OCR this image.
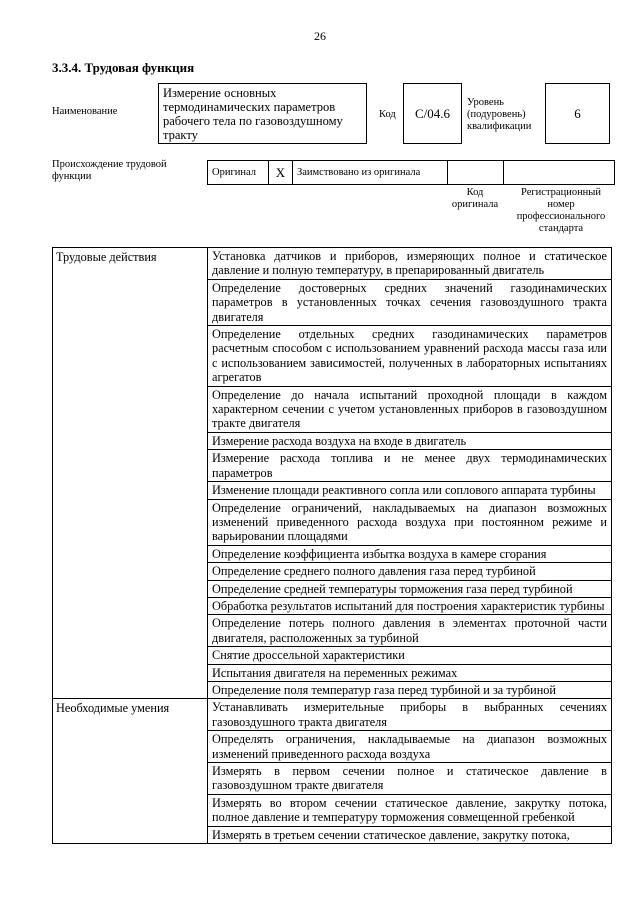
26
3.3.4. Трудовая функция
Наименование
Измерение основных термодинамических параметров рабочего тела по газовоздушному тракту
Код C/04.6
Уровень
(подуровень)
квалификации
6
Происхождение трудовой
функции	Оригинал	X	Заимствовано из оригинала		
Код
оригинала
Регистрационный
номер
профессионального
стандарта
Трудовые действия	Установка датчиков и приборов, измеряющих полное и статическое давление и полную температуру, в препарированный двигатель
	Определение достоверных средних значений газодинамических параметров в установленных точках сечения газовоздушного тракта двигателя
	Определение отдельных средних газодинамических параметров расчетным способом с использованием уравнений расхода массы газа или с использованием зависимостей, полученных в лабораторных испытаниях агрегатов
	Определение до начала испытаний проходной площади в каждом характерном сечении с учетом установленных приборов в газовоздушном тракте двигателя
	Измерение расхода воздуха на входе в двигатель
	Измерение расхода топлива и не менее двух термодинамических параметров
	Изменение площади реактивного сопла или соплового аппарата турбины
	Определение ограничений, накладываемых на диапазон возможных изменений приведенного расхода воздуха при постоянном режиме и варьировании площадями
	Определение коэффициента избытка воздуха в камере сгорания
	Определение среднего полного давления газа перед турбиной
	Определение средней температуры торможения газа перед турбиной
	Обработка результатов испытаний для построения характеристик турбины
	Определение потерь полного давления в элементах проточной части двигателя, расположенных за турбиной
	Снятие дроссельной характеристики
	Испытания двигателя на переменных режимах
	Определение поля температур газа перед турбиной и за турбиной
Необходимые умения	Устанавливать измерительные приборы в выбранных сечениях газовоздушного тракта двигателя
	Определять ограничения, накладываемые на диапазон возможных изменений приведенного расхода воздуха
	Измерять в первом сечении полное и статическое давление в газовоздушном тракте двигателя
	Измерять во втором сечении статическое давление, закрутку потока, полное давление и температуру торможения совмещенной гребенкой
	Измерять в третьем сечении статическое давление, закрутку потока,
